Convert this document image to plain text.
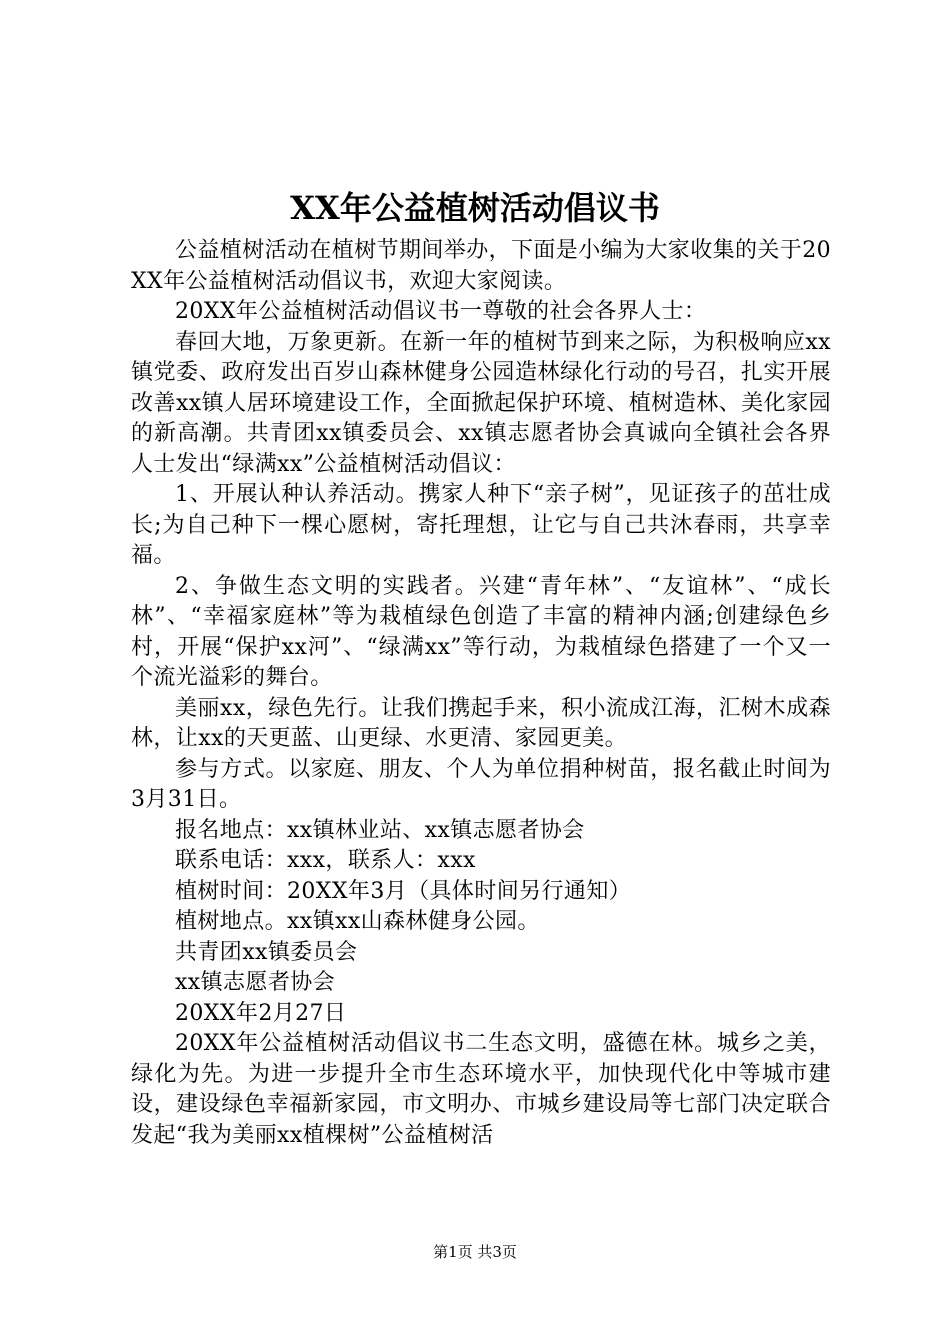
XX年公益植树活动倡议书

公益植树活动在植树节期间举办，下面是小编为大家收集的关于20XX年公益植树活动倡议书，欢迎大家阅读。

20XX年公益植树活动倡议书一尊敬的社会各界人士：

春回大地，万象更新。在新一年的植树节到来之际，为积极响应xx镇党委、政府发出百岁山森林健身公园造林绿化行动的号召，扎实开展改善xx镇人居环境建设工作，全面掀起保护环境、植树造林、美化家园的新高潮。共青团xx镇委员会、xx镇志愿者协会真诚向全镇社会各界人士发出“绿满xx”公益植树活动倡议：

1、开展认种认养活动。携家人种下“亲子树”，见证孩子的茁壮成长;为自己种下一棵心愿树，寄托理想，让它与自己共沐春雨，共享幸福。

2、争做生态文明的实践者。兴建“青年林”、“友谊林”、“成长林”、“幸福家庭林”等为栽植绿色创造了丰富的精神内涵;创建绿色乡村，开展“保护xx河”、“绿满xx”等行动，为栽植绿色搭建了一个又一个流光溢彩的舞台。

美丽xx，绿色先行。让我们携起手来，积小流成江海，汇树木成森林，让xx的天更蓝、山更绿、水更清、家园更美。

参与方式。以家庭、朋友、个人为单位捐种树苗，报名截止时间为3月31日。

报名地点：xx镇林业站、xx镇志愿者协会

联系电话：xxx，联系人：xxx

植树时间：20XX年3月（具体时间另行通知）

植树地点。xx镇xx山森林健身公园。

共青团xx镇委员会

xx镇志愿者协会

20XX年2月27日

20XX年公益植树活动倡议书二生态文明，盛德在林。城乡之美，绿化为先。为进一步提升全市生态环境水平，加快现代化中等城市建设，建设绿色幸福新家园，市文明办、市城乡建设局等七部门决定联合发起“我为美丽xx植棵树”公益植树活

第1页 共3页
